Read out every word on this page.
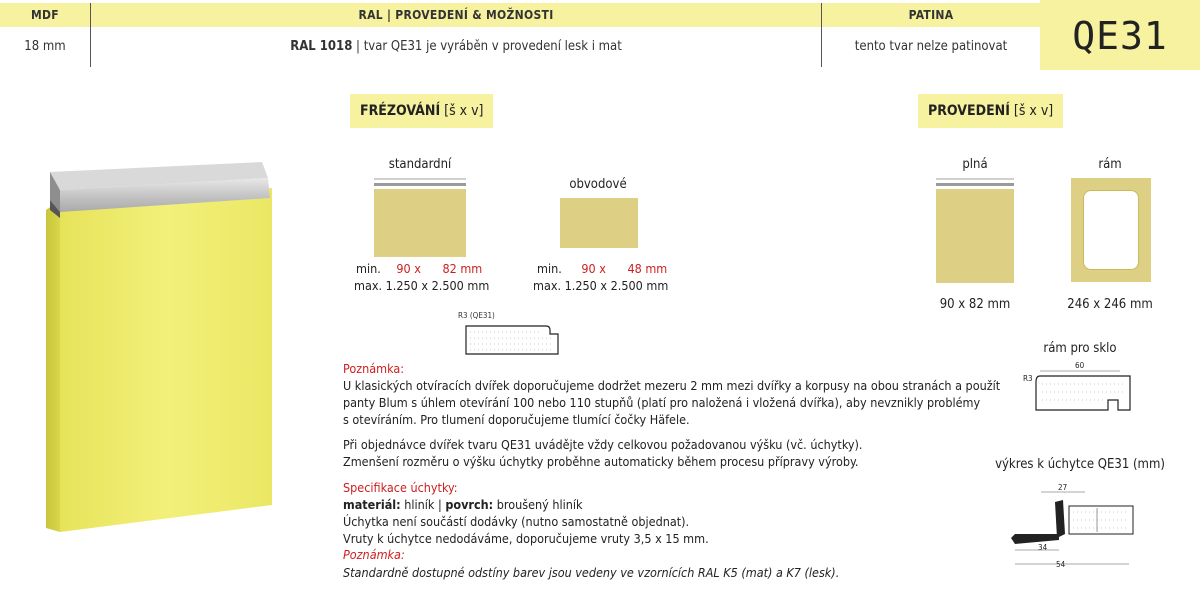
MDF	RAL | PROVEDENÍ & MOŽNOSTI	PATINA
18 mm	RAL 1018 | tvar QE31 je vyráběn v provedení lesk i mat	tento tvar nelze patinovat	QE31
FRÉZOVÁNÍ [š x v]
standardní
min. 90 x 82 mm
max. 1.250 x 2.500 mm
obvodové
min. 90 x 48 mm
max. 1.250 x 2.500 mm
R3 (QE31)
PROVEDENÍ [š x v]
plná
90 x 82 mm
rám
246 x 246 mm
rám pro sklo
R3
60
výkres k úchytce QE31 (mm)
27
34
54
Poznámka:
U klasických otvíracích dvířek doporučujeme dodržet mezeru 2 mm mezi dvířky a korpusy na obou stranách a použít
panty Blum s úhlem otevírání 100 nebo 110 stupňů (platí pro naložená i vložená dvířka), aby nevznikly problémy
s otevíráním. Pro tlumení doporučujeme tlumící čočky Häfele.
Při objednávce dvířek tvaru QE31 uvádějte vždy celkovou požadovanou výšku (vč. úchytky).
Zmenšení rozměru o výšku úchytky proběhne automaticky během procesu přípravy výroby.
Specifikace úchytky:
materiál: hliník | povrch: broušený hliník
Úchytka není součástí dodávky (nutno samostatně objednat).
Vruty k úchytce nedodáváme, doporučujeme vruty 3,5 x 15 mm.
Poznámka:
Standardně dostupné odstíny barev jsou vedeny ve vzornících RAL K5 (mat) a K7 (lesk).
